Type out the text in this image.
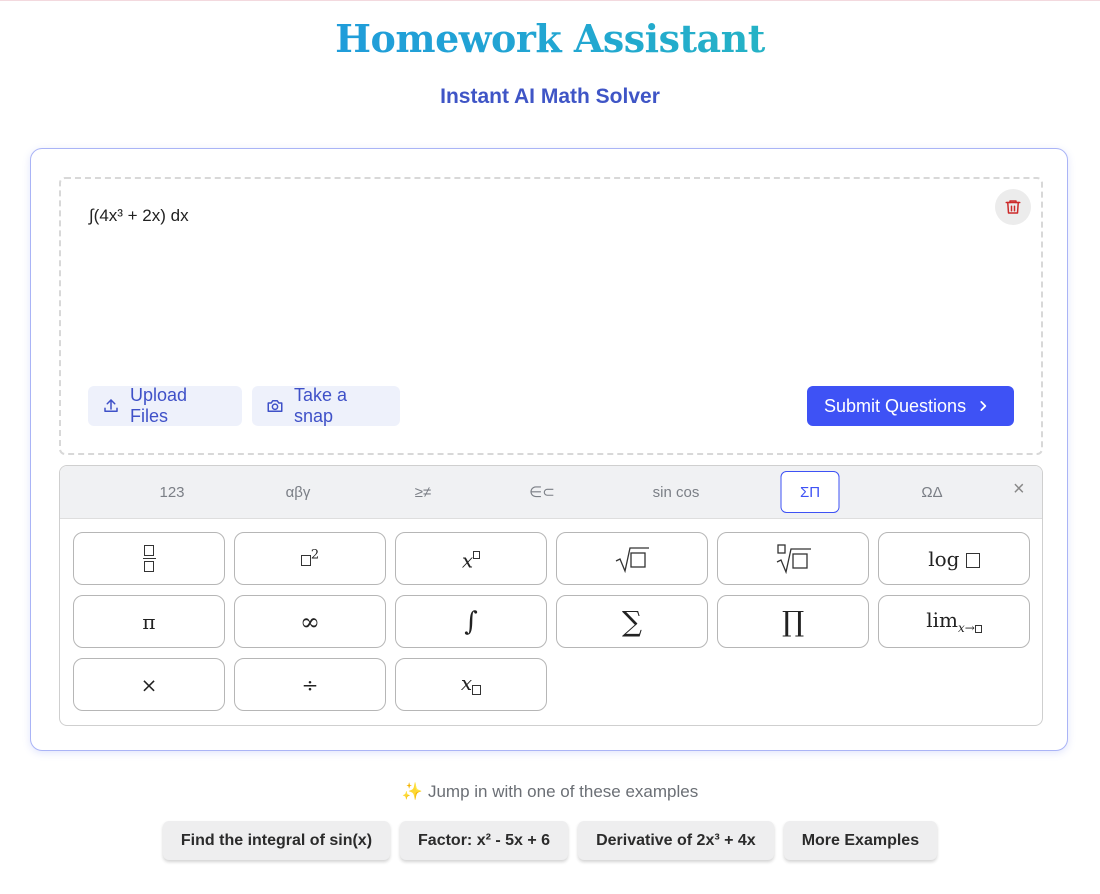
Homework Assistant
Instant AI Math Solver
∫(4x³ + 2x) dx
Upload Files
Take a snap
Submit Questions
123	αβγ	≥≠	∈⊂	sin cos	ΣΠ	ΩΔ	×
$^2$	x	log
π	∞	∫	∑	∏	$\lim_{x\to}$
×	÷	x
✨ Jump in with one of these examples
Find the integral of sin(x)	Factor: x² - 5x + 6	Derivative of 2x³ + 4x	More Examples
